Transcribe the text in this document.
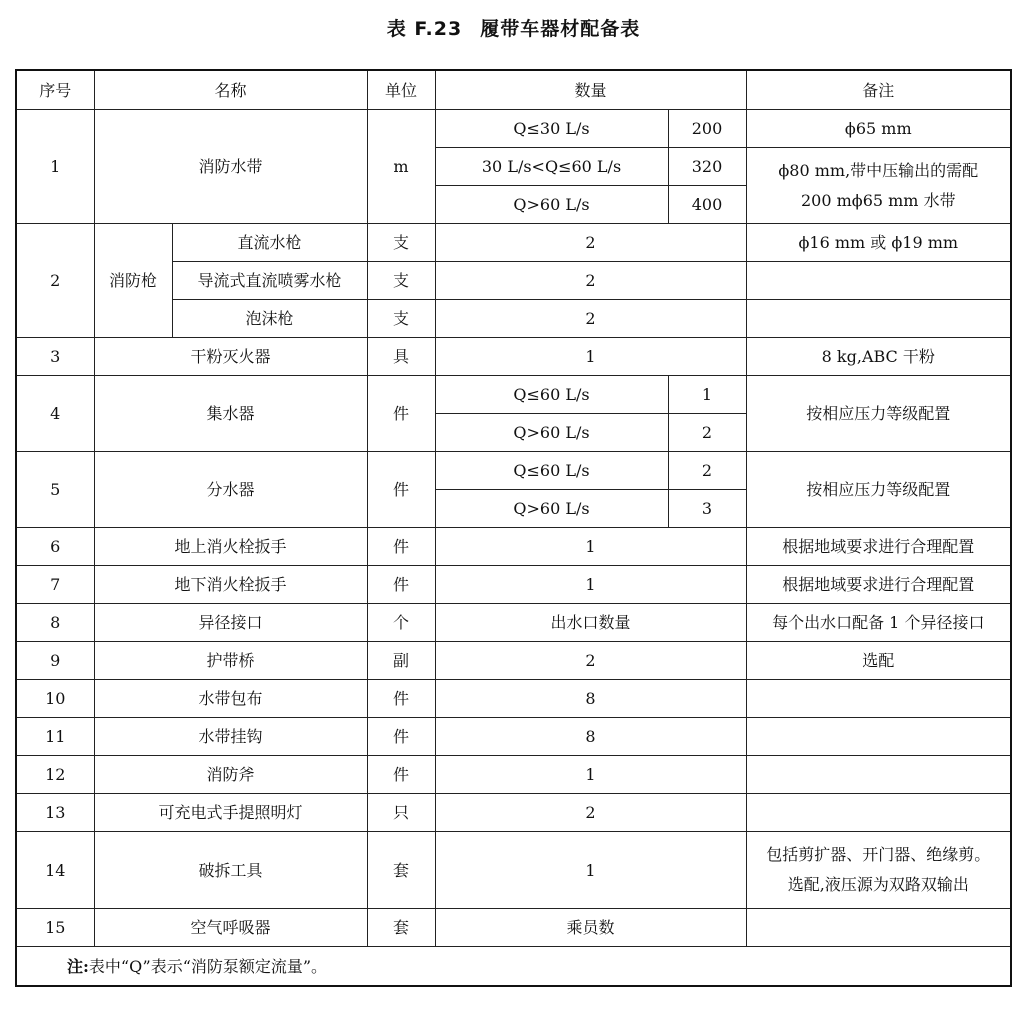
表 F.23 履带车器材配备表
序号	名称		单位	数量		备注
1	消防水带		m	Q≤30 L/s	200	ϕ65 mm
				30 L/s<Q≤60 L/s	320	ϕ80 mm,带中压输出的需配
200 mϕ65 mm 水带

				Q>60 L/s	400	
2	消防枪	直流水枪	支	2		ϕ16 mm 或 ϕ19 mm
		导流式直流喷雾水枪	支	2		
		泡沫枪	支	2		
3	干粉灭火器		具	1		8 kg,ABC 干粉
4	集水器		件	Q≤60 L/s	1	按相应压力等级配置
				Q>60 L/s	2	
5	分水器		件	Q≤60 L/s	2	按相应压力等级配置
				Q>60 L/s	3	
6	地上消火栓扳手		件	1		根据地域要求进行合理配置
7	地下消火栓扳手		件	1		根据地域要求进行合理配置
8	异径接口		个	出水口数量		每个出水口配备 1 个异径接口
9	护带桥		副	2		选配
10	水带包布		件	8		
11	水带挂钩		件	8		
12	消防斧		件	1		
13	可充电式手提照明灯		只	2		
14	破拆工具		套	1		包括剪扩器、开门器、绝缘剪。
选配,液压源为双路双输出

15	空气呼吸器		套	乘员数		
注:表中“Q”表示“消防泵额定流量”。						
